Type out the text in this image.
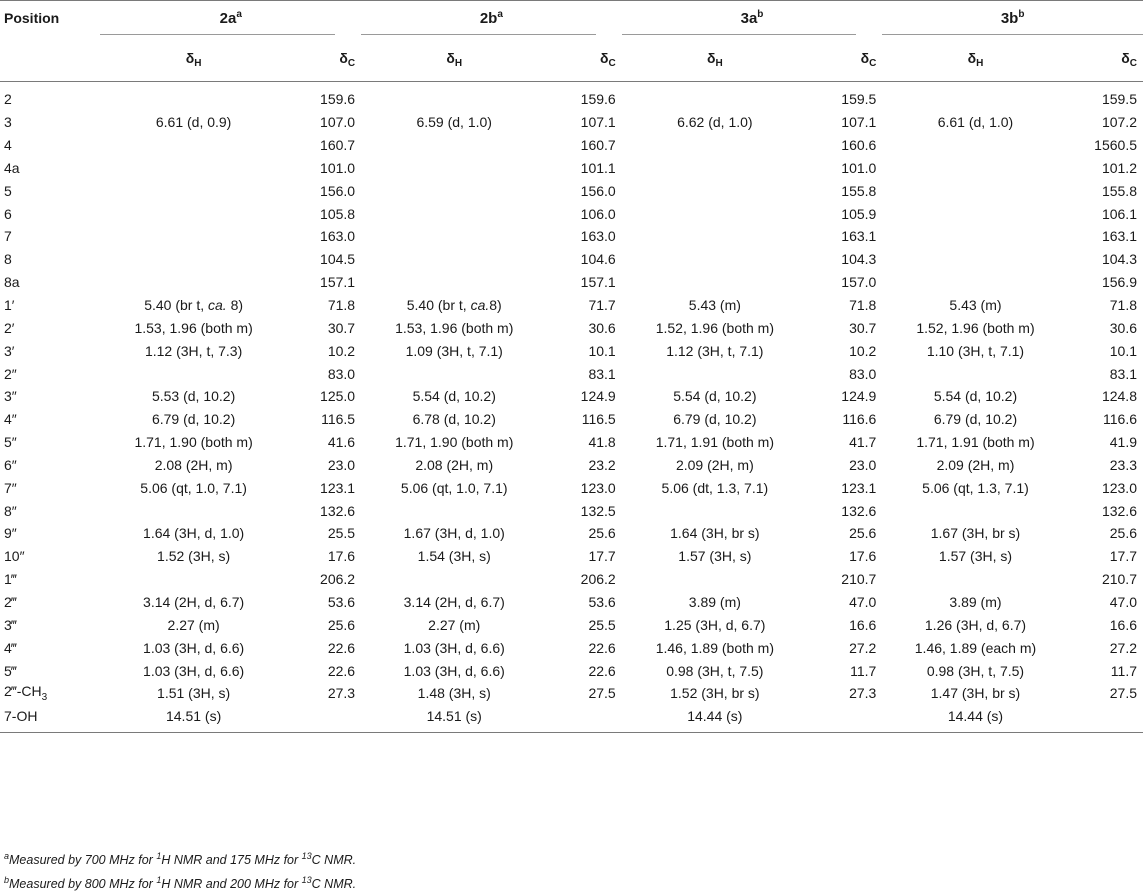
Position	$2a^a$		$2b^a$		$3a^b$		$3b^b$

	$\delta_H$	$\delta_C$	$\delta_H$	$\delta_C$	$\delta_H$	$\delta_C$	$\delta_H$	$\delta_C$
2		159.6		159.6		159.5		159.5
3	6.61 (d, 0.9)	107.0	6.59 (d, 1.0)	107.1	6.62 (d, 1.0)	107.1	6.61 (d, 1.0)	107.2
4		160.7		160.7		160.6		1560.5
4a		101.0		101.1		101.0		101.2
5		156.0		156.0		155.8		155.8
6		105.8		106.0		105.9		106.1
7		163.0		163.0		163.1		163.1
8		104.5		104.6		104.3		104.3
8a		157.1		157.1		157.0		156.9
1′	5.40 (br t, ca. 8)	71.8	5.40 (br t, ca.8)	71.7	5.43 (m)	71.8	5.43 (m)	71.8
2′	1.53, 1.96 (both m)	30.7	1.53, 1.96 (both m)	30.6	1.52, 1.96 (both m)	30.7	1.52, 1.96 (both m)	30.6
3′	1.12 (3H, t, 7.3)	10.2	1.09 (3H, t, 7.1)	10.1	1.12 (3H, t, 7.1)	10.2	1.10 (3H, t, 7.1)	10.1
2″		83.0		83.1		83.0		83.1
3″	5.53 (d, 10.2)	125.0	5.54 (d, 10.2)	124.9	5.54 (d, 10.2)	124.9	5.54 (d, 10.2)	124.8
4″	6.79 (d, 10.2)	116.5	6.78 (d, 10.2)	116.5	6.79 (d, 10.2)	116.6	6.79 (d, 10.2)	116.6
5″	1.71, 1.90 (both m)	41.6	1.71, 1.90 (both m)	41.8	1.71, 1.91 (both m)	41.7	1.71, 1.91 (both m)	41.9
6″	2.08 (2H, m)	23.0	2.08 (2H, m)	23.2	2.09 (2H, m)	23.0	2.09 (2H, m)	23.3
7″	5.06 (qt, 1.0, 7.1)	123.1	5.06 (qt, 1.0, 7.1)	123.0	5.06 (dt, 1.3, 7.1)	123.1	5.06 (qt, 1.3, 7.1)	123.0
8″		132.6		132.5		132.6		132.6
9″	1.64 (3H, d, 1.0)	25.5	1.67 (3H, d, 1.0)	25.6	1.64 (3H, br s)	25.6	1.67 (3H, br s)	25.6
10″	1.52 (3H, s)	17.6	1.54 (3H, s)	17.7	1.57 (3H, s)	17.6	1.57 (3H, s)	17.7
1‴		206.2		206.2		210.7		210.7
2‴	3.14 (2H, d, 6.7)	53.6	3.14 (2H, d, 6.7)	53.6	3.89 (m)	47.0	3.89 (m)	47.0
3‴	2.27 (m)	25.6	2.27 (m)	25.5	1.25 (3H, d, 6.7)	16.6	1.26 (3H, d, 6.7)	16.6
4‴	1.03 (3H, d, 6.6)	22.6	1.03 (3H, d, 6.6)	22.6	1.46, 1.89 (both m)	27.2	1.46, 1.89 (each m)	27.2
5‴	1.03 (3H, d, 6.6)	22.6	1.03 (3H, d, 6.6)	22.6	0.98 (3H, t, 7.5)	11.7	0.98 (3H, t, 7.5)	11.7
$2‴-CH_3$	1.51 (3H, s)	27.3	1.48 (3H, s)	27.5	1.52 (3H, br s)	27.3	1.47 (3H, br s)	27.5
7-OH	14.51 (s)		14.51 (s)		14.44 (s)		14.44 (s)	
$^a$Measured by 700 MHz for $^1$H NMR and 175 MHz for $^{13}$C NMR.
$^b$Measured by 800 MHz for $^1$H NMR and 200 MHz for $^{13}$C NMR.
